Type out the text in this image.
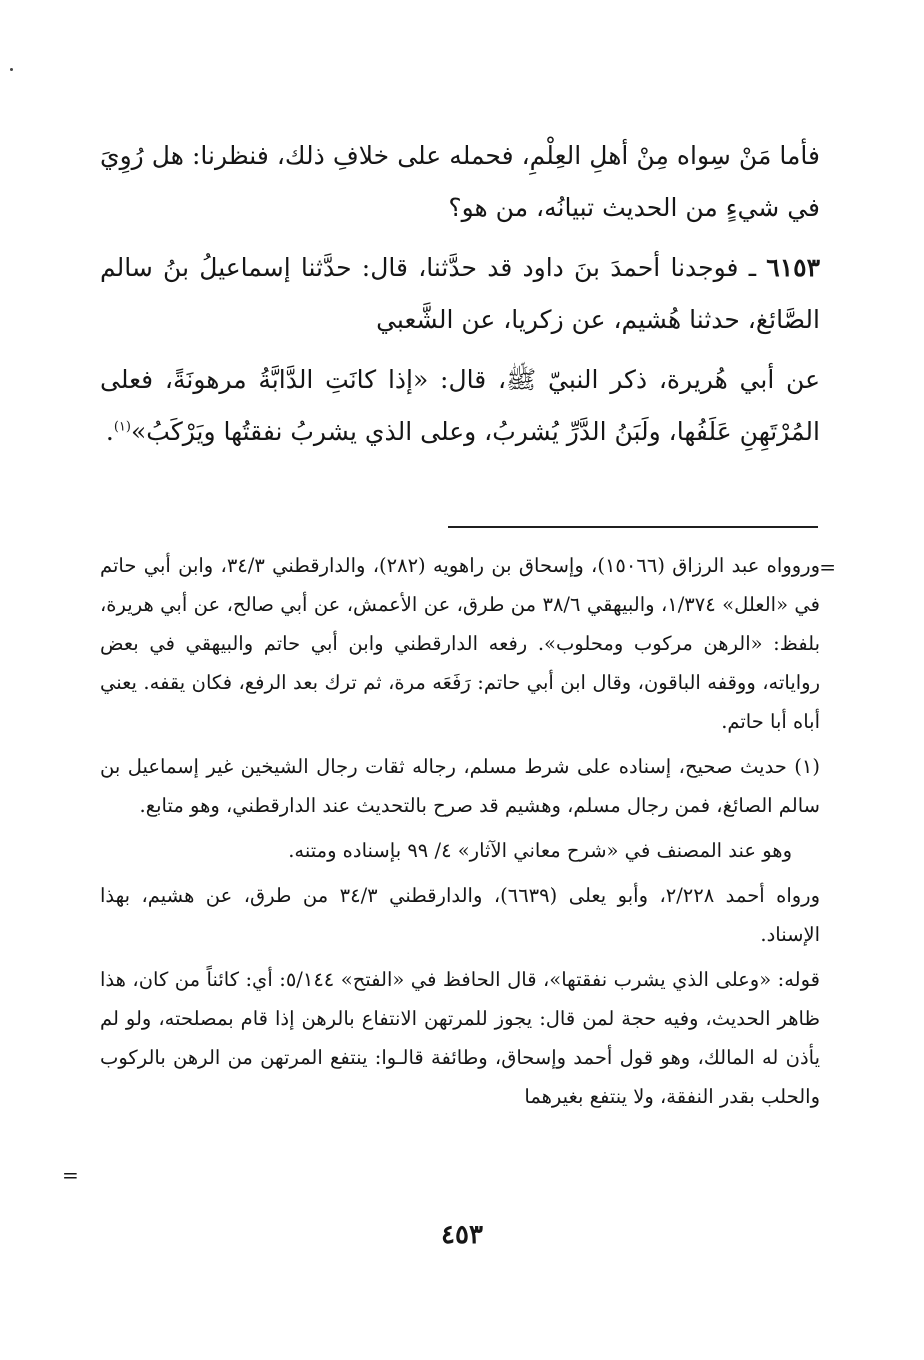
فأما مَنْ سِواه مِنْ أهلِ العِلْمِ، فحمله على خلافِ ذلك، فنظرنا: هل رُوِيَ في شيءٍ من الحديث تبيانُه، من هو؟

٦١٥٣ ـ فوجدنا أحمدَ بنَ داود قد حدَّثنا، قال: حدَّثنا إسماعيلُ بنُ سالم الصَّائغ، حدثنا هُشيم، عن زكريا، عن الشَّعبي

عن أبي هُريرة، ذكر النبيّ ﷺ، قال: «إذا كانَتِ الدَّابَّةُ مرهونَةً، فعلى المُرْتَهِنِ عَلَفُها، ولَبَنُ الدَّرِّ يُشربُ، وعلى الذي يشربُ نفقتُها ويَرْكَبُ»$^{(١)}$.

=

وروواه عبد الرزاق (١٥٠٦٦)، وإسحاق بن راهويه (٢٨٢)، والدارقطني ٣٤/٣، وابن أبي حاتم في «العلل» ١/٣٧٤، والبيهقي ٣٨/٦ من طرق، عن الأعمش، عن أبي صالح، عن أبي هريرة، بلفظ: «الرهن مركوب ومحلوب». رفعه الدارقطني وابن أبي حاتم والبيهقي في بعض رواياته، ووقفه الباقون، وقال ابن أبي حاتم: رَفَعَه مرة، ثم ترك بعد الرفع، فكان يقفه. يعني أباه أبا حاتم.

(١) حديث صحيح، إسناده على شرط مسلم، رجاله ثقات رجال الشيخين غير إسماعيل بن سالم الصائغ، فمن رجال مسلم، وهشيم قد صرح بالتحديث عند الدارقطني، وهو متابع.

وهو عند المصنف في «شرح معاني الآثار» ٤/ ٩٩ بإسناده ومتنه.

ورواه أحمد ٢/٢٢٨، وأبو يعلى (٦٦٣٩)، والدارقطني ٣٤/٣ من طرق، عن هشيم، بهذا الإسناد.

قوله: «وعلى الذي يشرب نفقتها»، قال الحافظ في «الفتح» ٥/١٤٤: أي: كائناً من كان، هذا ظاهر الحديث، وفيه حجة لمن قال: يجوز للمرتهن الانتفاع بالرهن إذا قام بمصلحته، ولو لم يأذن له المالك، وهو قول أحمد وإسحاق، وطائفة قالـوا: ينتفع المرتهن من الرهن بالركوب والحلب بقدر النفقة، ولا ينتفع بغيرهما

=
٤٥٣
